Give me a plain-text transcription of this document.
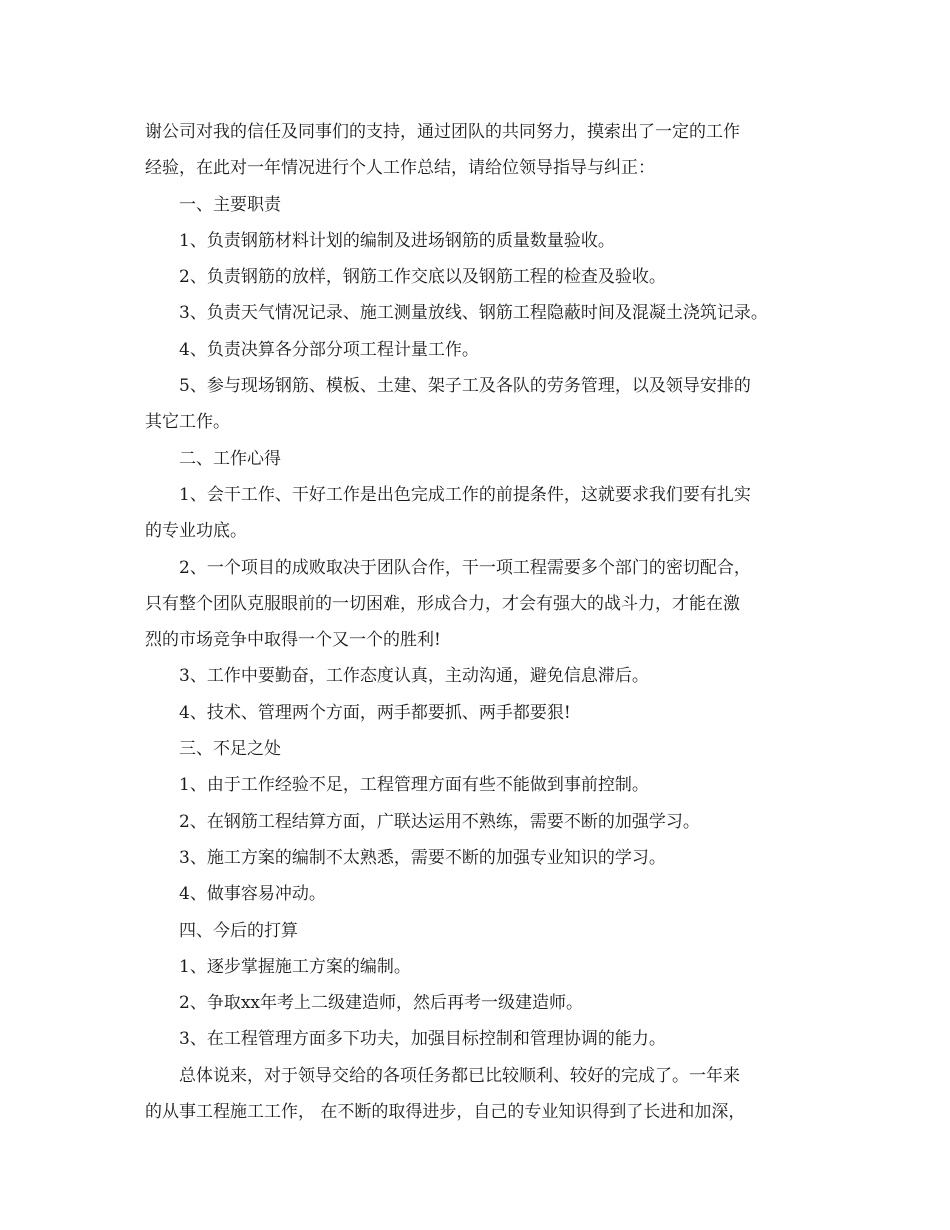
谢公司对我的信任及同事们的支持，通过团队的共同努力，摸索出了一定的工作
经验，在此对一年情况进行个人工作总结，请给位领导指导与纠正：
一、主要职责
1、负责钢筋材料计划的编制及进场钢筋的质量数量验收。
2、负责钢筋的放样，钢筋工作交底以及钢筋工程的检查及验收。
3、负责天气情况记录、施工测量放线、钢筋工程隐蔽时间及混凝土浇筑记录。
4、负责决算各分部分项工程计量工作。
5、参与现场钢筋、模板、土建、架子工及各队的劳务管理，以及领导安排的
其它工作。
二、工作心得
1、会干工作、干好工作是出色完成工作的前提条件，这就要求我们要有扎实
的专业功底。
2、一个项目的成败取决于团队合作，干一项工程需要多个部门的密切配合，
只有整个团队克服眼前的一切困难，形成合力，才会有强大的战斗力，才能在激
烈的市场竞争中取得一个又一个的胜利!
3、工作中要勤奋，工作态度认真，主动沟通，避免信息滞后。
4、技术、管理两个方面，两手都要抓、两手都要狠!
三、不足之处
1、由于工作经验不足，工程管理方面有些不能做到事前控制。
2、在钢筋工程结算方面，广联达运用不熟练，需要不断的加强学习。
3、施工方案的编制不太熟悉，需要不断的加强专业知识的学习。
4、做事容易冲动。
四、今后的打算
1、逐步掌握施工方案的编制。
2、争取xx年考上二级建造师，然后再考一级建造师。
3、在工程管理方面多下功夫，加强目标控制和管理协调的能力。
总体说来，对于领导交给的各项任务都已比较顺利、较好的完成了。一年来
的从事工程施工工作， 在不断的取得进步，自己的专业知识得到了长进和加深，
